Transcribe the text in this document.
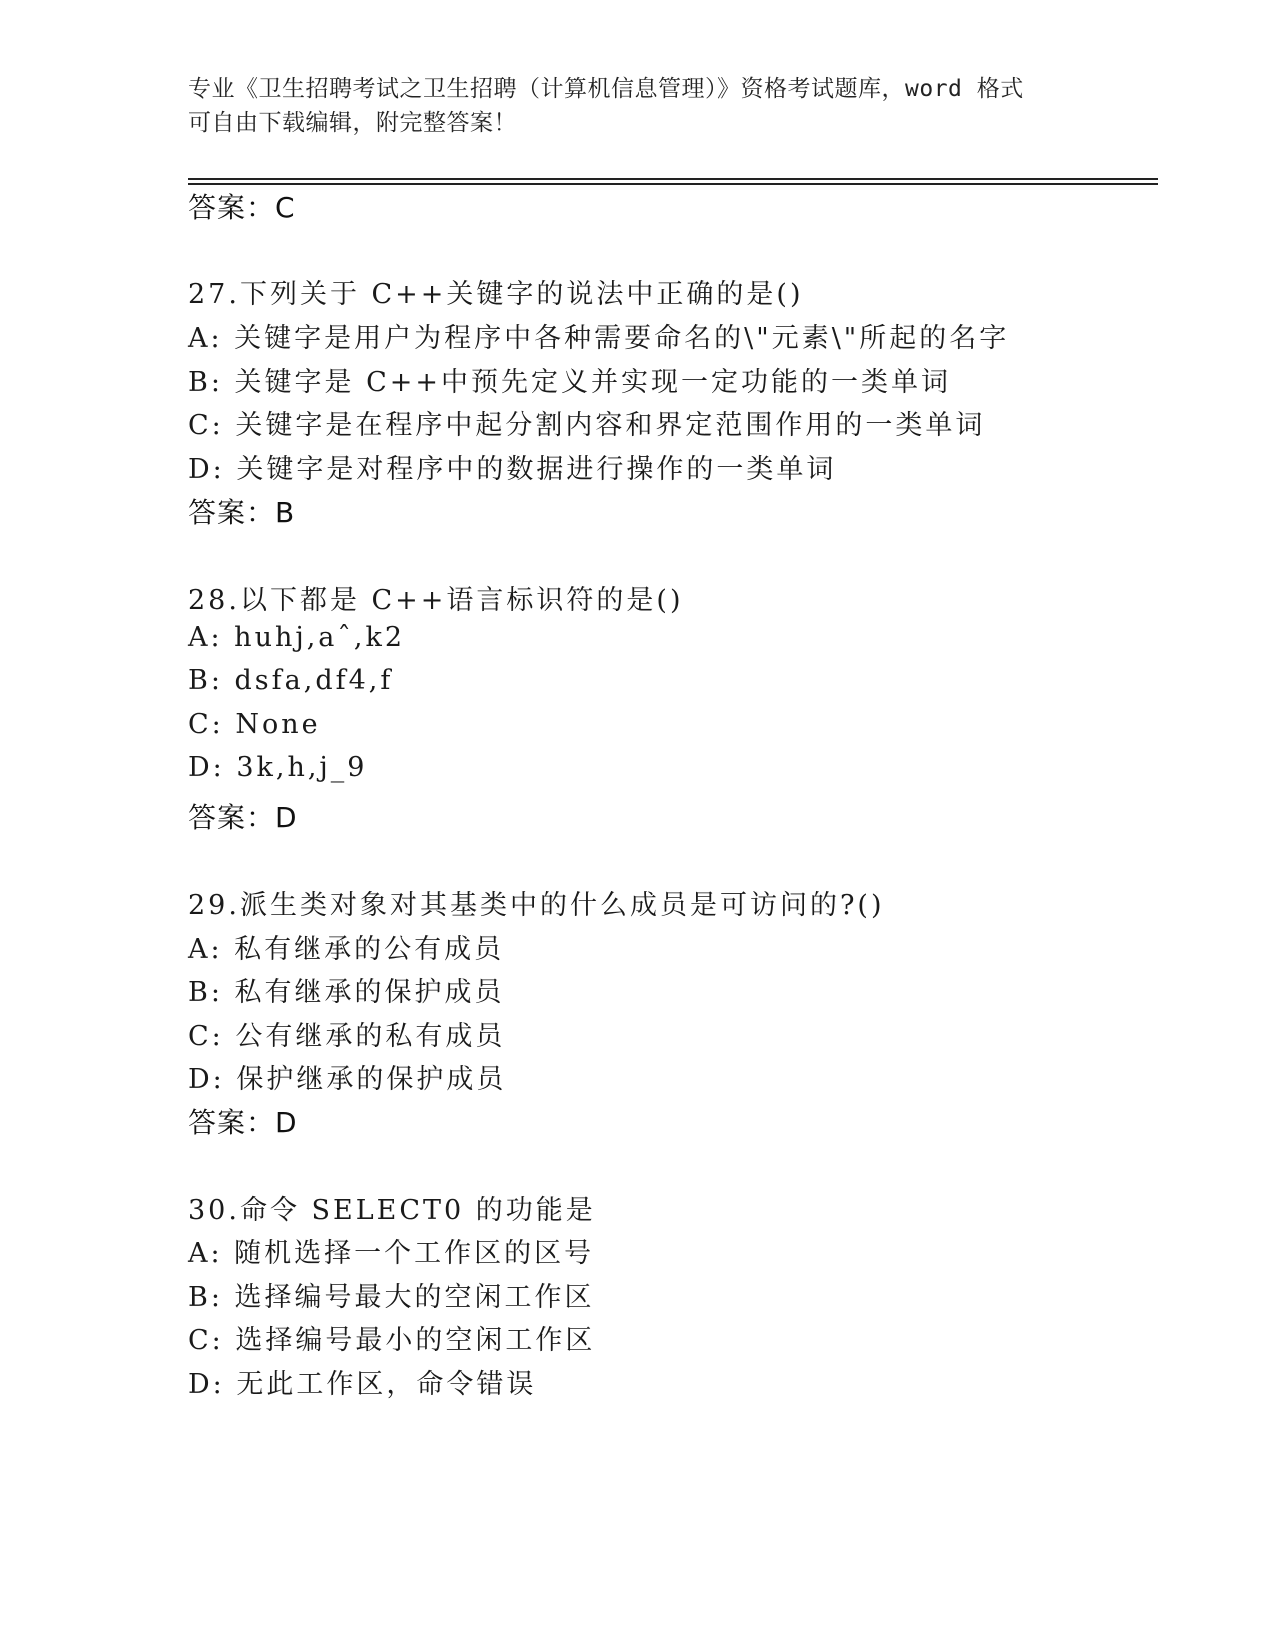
专业《卫生招聘考试之卫生招聘（计算机信息管理）》资格考试题库，word 格式
可自由下载编辑，附完整答案！
答案：C
27.下列关于 C++关键字的说法中正确的是()
A: 关键字是用户为程序中各种需要命名的\"元素\"所起的名字
B: 关键字是 C++中预先定义并实现一定功能的一类单词
C: 关键字是在程序中起分割内容和界定范围作用的一类单词
D: 关键字是对程序中的数据进行操作的一类单词
答案：B
28.以下都是 C++语言标识符的是()
A: huhj,aˆ,k2
B: dsfa,df4,f
C: None
D: 3k,h,j_9
答案：D
29.派生类对象对其基类中的什么成员是可访问的?()
A: 私有继承的公有成员
B: 私有继承的保护成员
C: 公有继承的私有成员
D: 保护继承的保护成员
答案：D
30.命令 SELECT0 的功能是
A: 随机选择一个工作区的区号
B: 选择编号最大的空闲工作区
C: 选择编号最小的空闲工作区
D: 无此工作区，命令错误
